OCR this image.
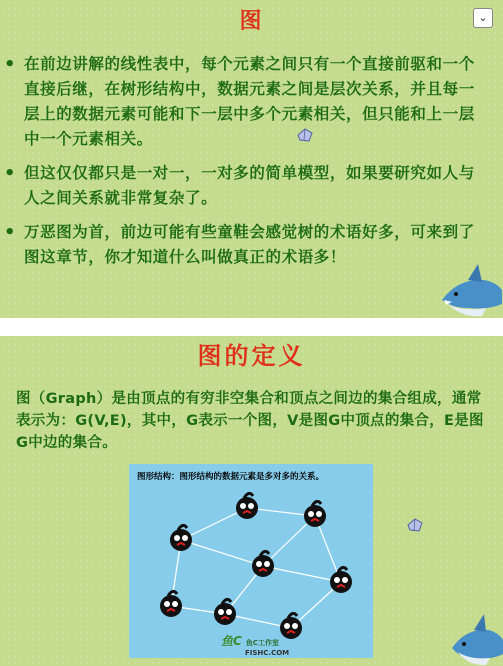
图	⌄
• 在前边讲解的线性表中，每个元素之间只有一个直接前驱和一个直接后继，在树形结构中，数据元素之间是层次关系，并且每一层上的数据元素可能和下一层中多个元素相关，但只能和上一层中一个元素相关。
• 但这仅仅都只是一对一，一对多的简单模型，如果要研究如人与人之间关系就非常复杂了。
• 万恶图为首，前边可能有些童鞋会感觉树的术语好多，可来到了图这章节，你才知道什么叫做真正的术语多！
图的定义

图（Graph）是由顶点的有穷非空集合和顶点之间边的集合组成，通常表示为：G(V,E)，其中，G表示一个图，V是图G中顶点的集合，E是图G中边的集合。

图形结构：图形结构的数据元素是多对多的关系。
鱼C 鱼C工作室
FISHC.COM
